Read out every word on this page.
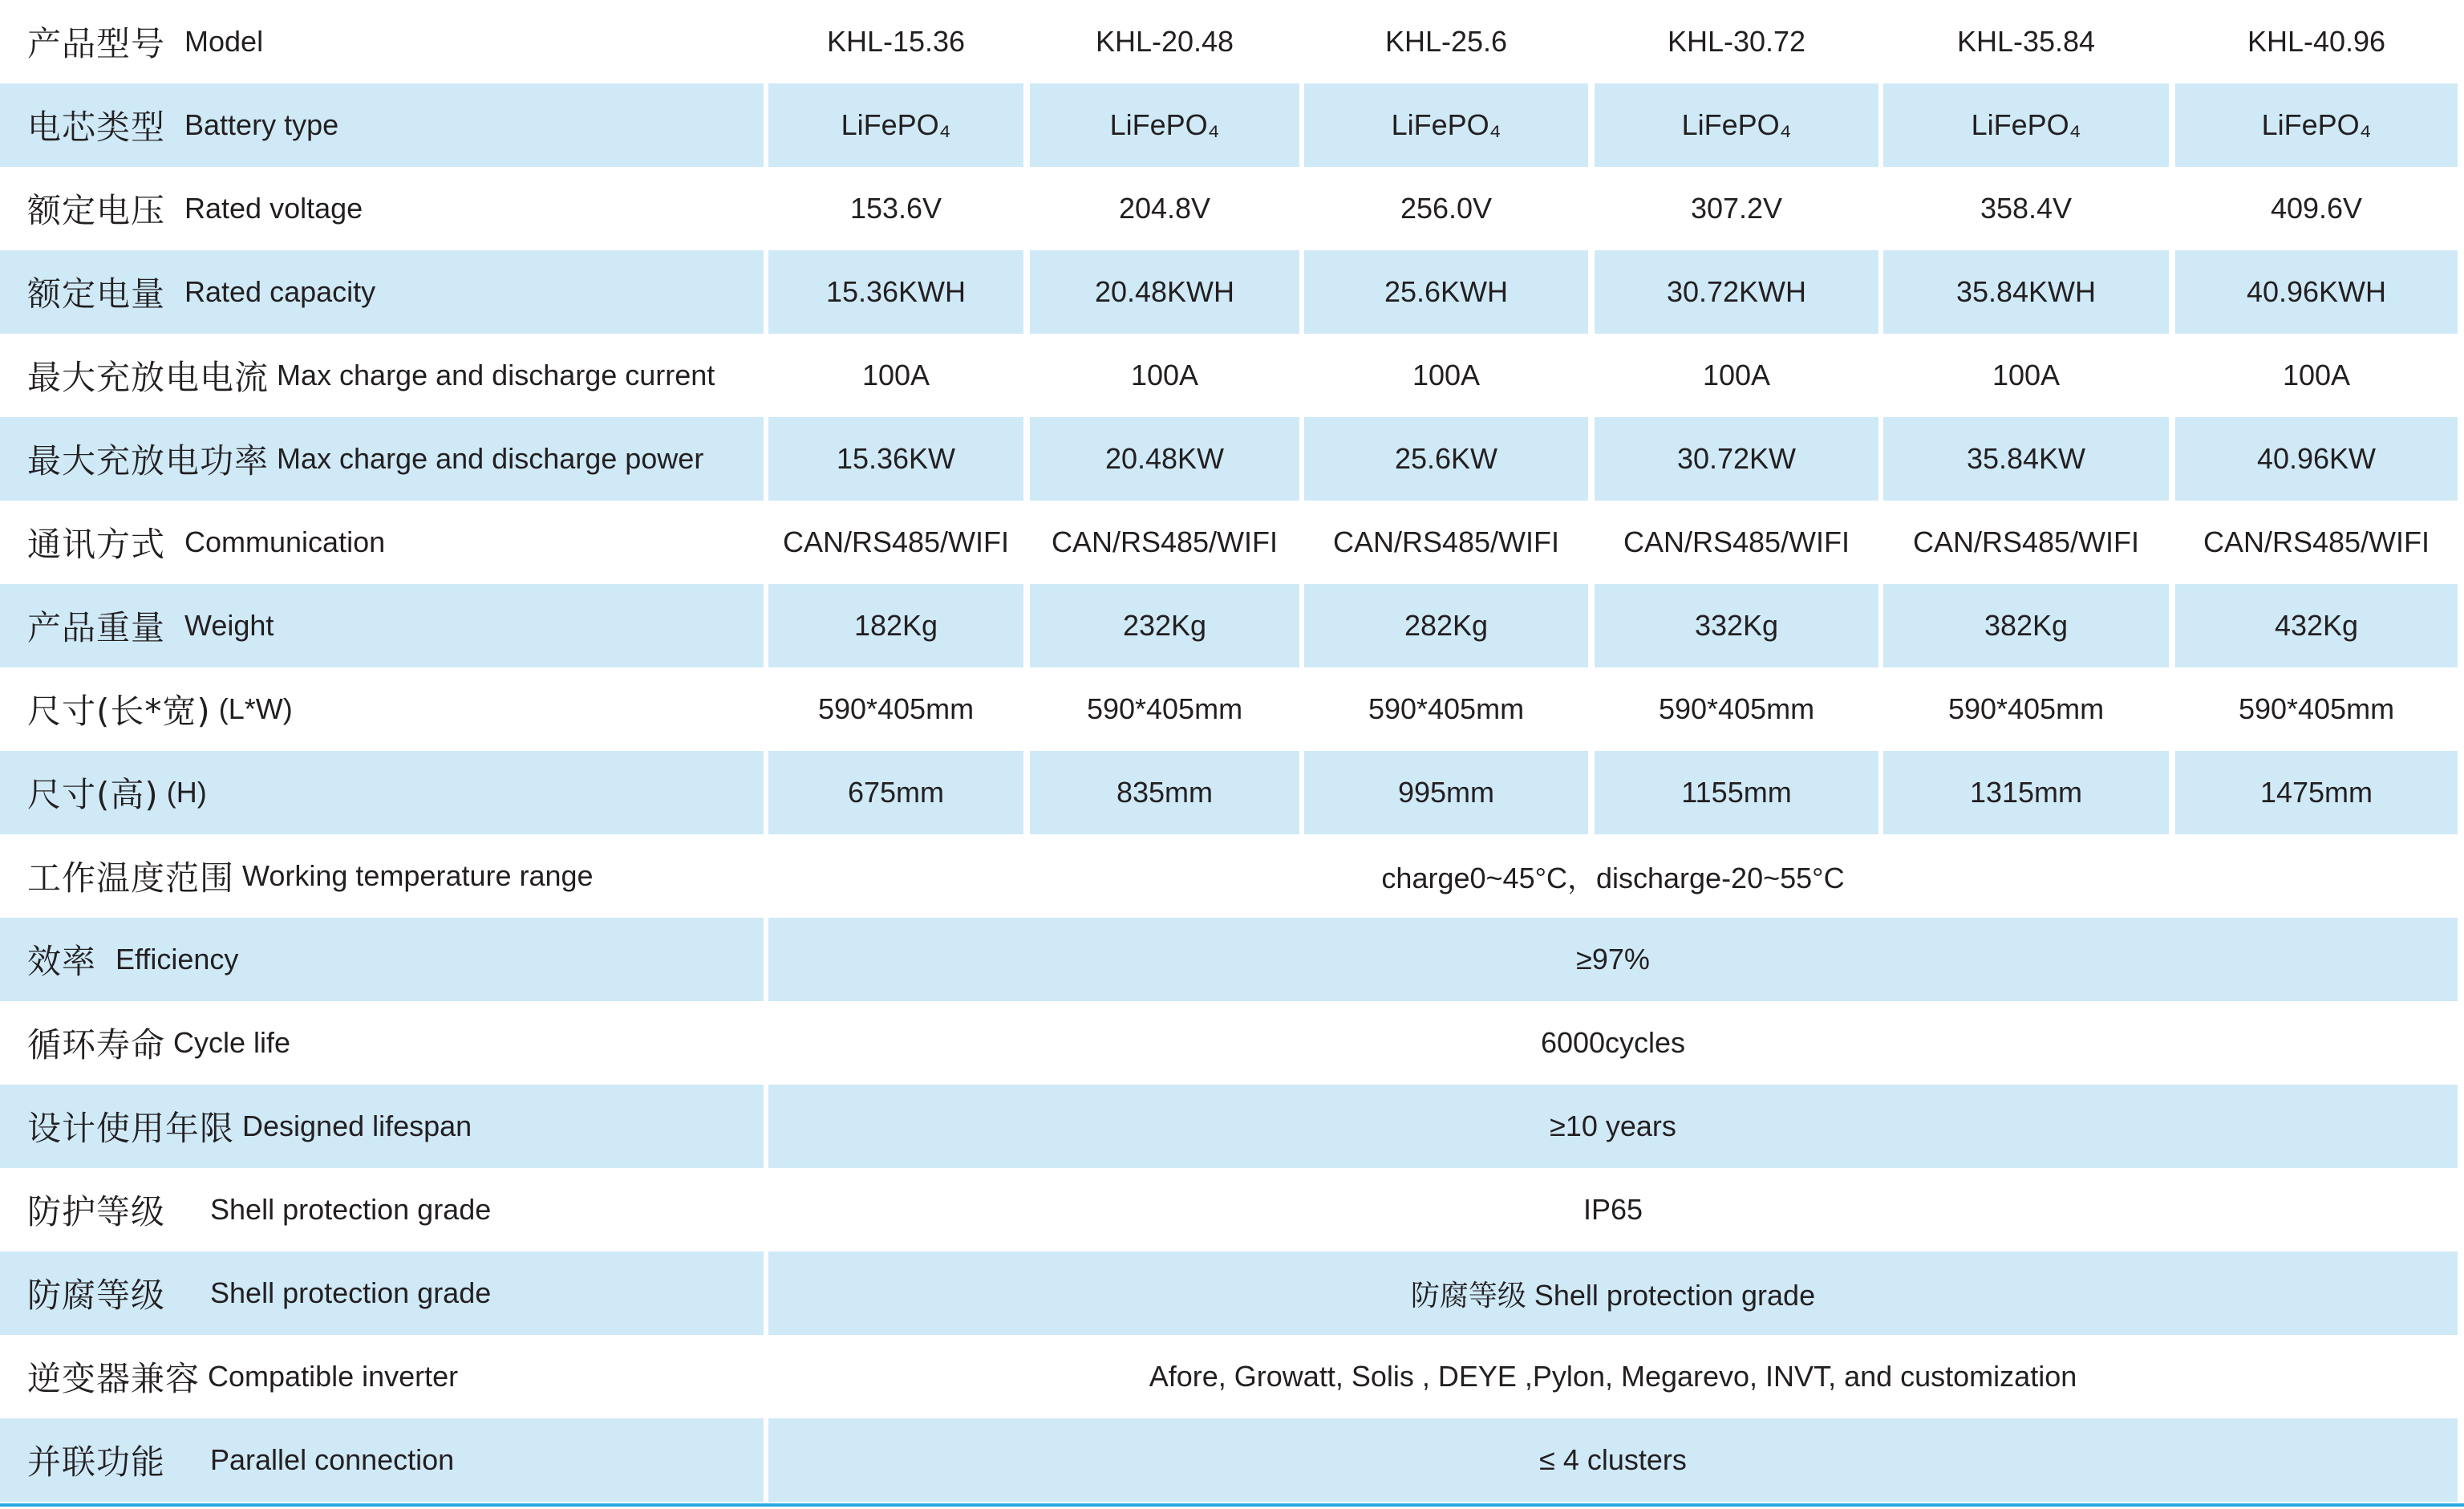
产品型号 Model	KHL-15.36	KHL-20.48	KHL-25.6	KHL-30.72	KHL-35.84	KHL-40.96
电芯类型 Battery type	LiFePO₄	LiFePO₄	LiFePO₄	LiFePO₄	LiFePO₄	LiFePO₄
额定电压 Rated voltage	153.6V	204.8V	256.0V	307.2V	358.4V	409.6V
额定电量 Rated capacity	15.36KWH	20.48KWH	25.6KWH	30.72KWH	35.84KWH	40.96KWH
最大充放电电流 Max charge and discharge current	100A	100A	100A	100A	100A	100A
最大充放电功率 Max charge and discharge power	15.36KW	20.48KW	25.6KW	30.72KW	35.84KW	40.96KW
通讯方式 Communication	CAN/RS485/WIFI	CAN/RS485/WIFI	CAN/RS485/WIFI	CAN/RS485/WIFI	CAN/RS485/WIFI	CAN/RS485/WIFI
产品重量 Weight	182Kg	232Kg	282Kg	332Kg	382Kg	432Kg
尺寸(长*宽) (L*W)	590*405mm	590*405mm	590*405mm	590*405mm	590*405mm	590*405mm
尺寸(高) (H)	675mm	835mm	995mm	1155mm	1315mm	1475mm
工作温度范围 Working temperature range	charge0~45°C，discharge-20~55°C
效率 Efficiency	≥97%
循环寿命 Cycle life	6000cycles
设计使用年限 Designed lifespan	≥10 years
防护等级 Shell protection grade	IP65
防腐等级 Shell protection grade	防腐等级 Shell protection grade
逆变器兼容 Compatible inverter	Afore, Growatt, Solis , DEYE ,Pylon, Megarevo, INVT, and customization
并联功能 Parallel connection	≤ 4 clusters
